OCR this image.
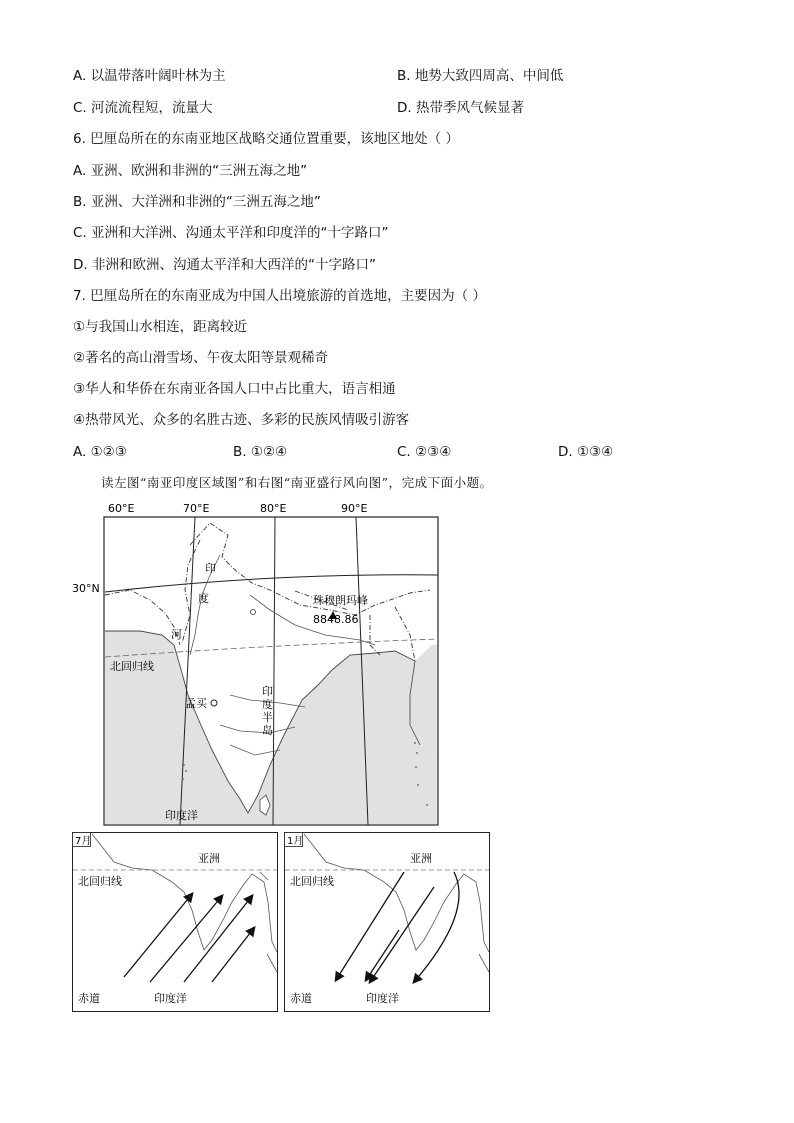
A. 以温带落叶阔叶林为主	B. 地势大致四周高、中间低
C. 河流流程短，流量大	D. 热带季风气候显著
6. 巴厘岛所在的东南亚地区战略交通位置重要，该地区地处（ ）
A. 亚洲、欧洲和非洲的“三洲五海之地”
B. 亚洲、大洋洲和非洲的“三洲五海之地”
C. 亚洲和大洋洲、沟通太平洋和印度洋的“十字路口”
D. 非洲和欧洲、沟通太平洋和大西洋的“十字路口”
7. 巴厘岛所在的东南亚成为中国人出境旅游的首选地，主要因为（ ）
①与我国山水相连，距离较近
②著名的高山滑雪场、午夜太阳等景观稀奇
③华人和华侨在东南亚各国人口中占比重大，语言相通
④热带风光、众多的名胜古迹、多彩的民族风情吸引游客
A. ①②③	B. ①②④	C. ②③④	D. ①③④
读左图“南亚印度区域图”和右图“南亚盛行风向图”，完成下面小题。
60°E	70°E	80°E	90°E
30°N
北回归线
印
度
河
珠穆朗玛峰
8848.86
孟买
印
度
半
岛
印度洋
7月
北回归线
亚洲
赤道	印度洋
1月
北回归线
亚洲
赤道	印度洋
